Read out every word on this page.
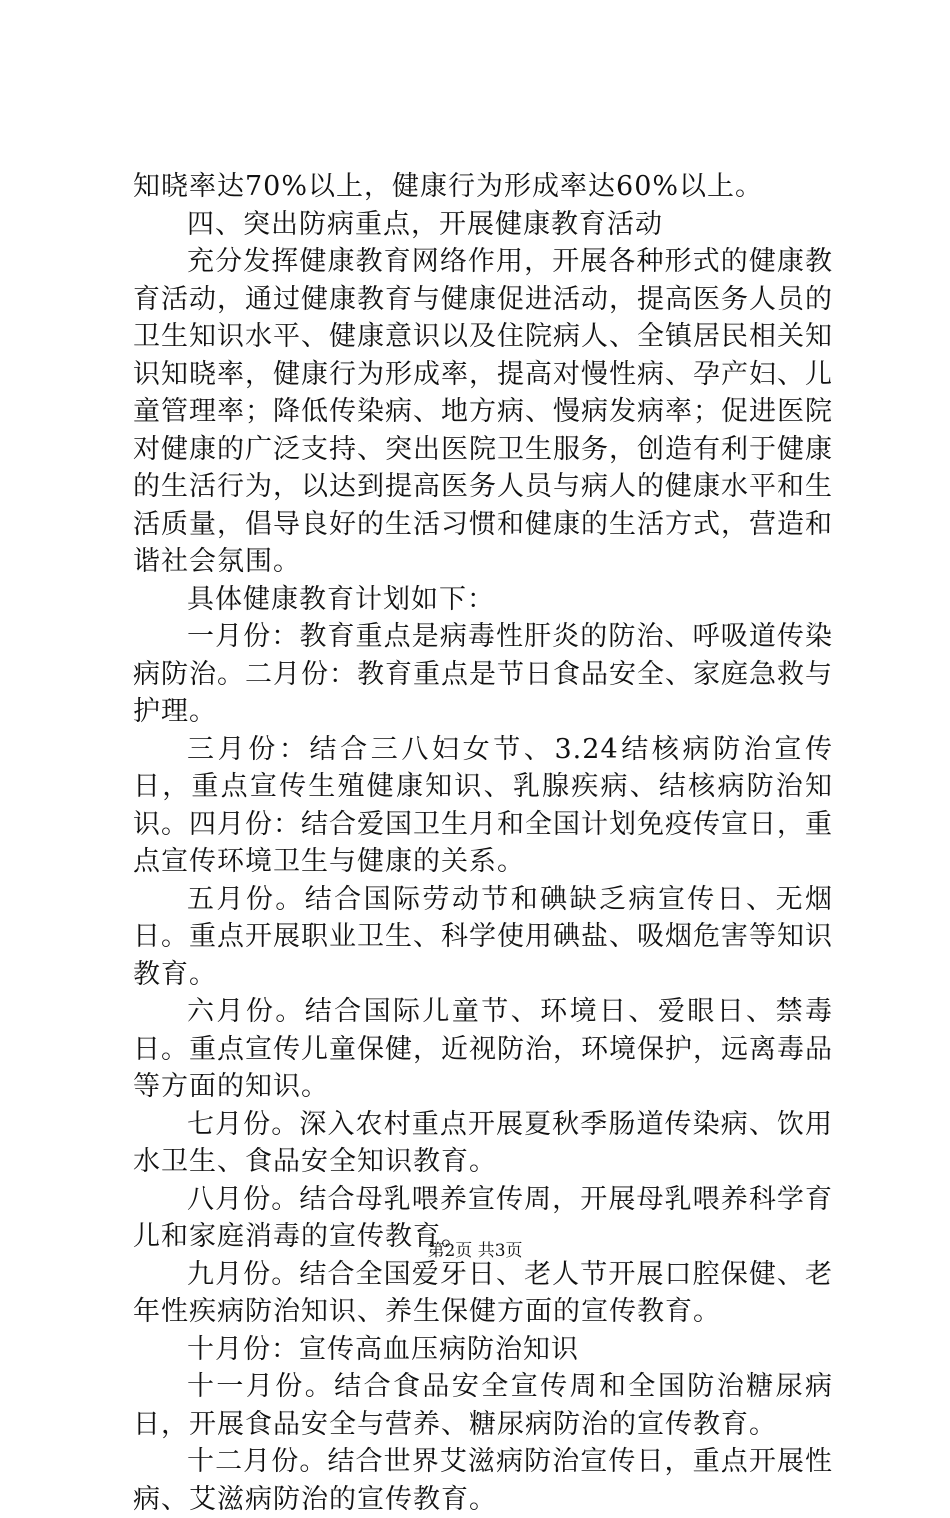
知晓率达70%以上，健康行为形成率达60%以上。

四、突出防病重点，开展健康教育活动

充分发挥健康教育网络作用，开展各种形式的健康教育活动，通过健康教育与健康促进活动，提高医务人员的卫生知识水平、健康意识以及住院病人、全镇居民相关知识知晓率，健康行为形成率，提高对慢性病、孕产妇、儿童管理率；降低传染病、地方病、慢病发病率；促进医院对健康的广泛支持、突出医院卫生服务，创造有利于健康的生活行为，以达到提高医务人员与病人的健康水平和生活质量，倡导良好的生活习惯和健康的生活方式，营造和谐社会氛围。

具体健康教育计划如下：

一月份：教育重点是病毒性肝炎的防治、呼吸道传染病防治。二月份：教育重点是节日食品安全、家庭急救与护理。

三月份：结合三八妇女节、3.24结核病防治宣传日，重点宣传生殖健康知识、乳腺疾病、结核病防治知识。四月份：结合爱国卫生月和全国计划免疫传宣日，重点宣传环境卫生与健康的关系。

五月份。结合国际劳动节和碘缺乏病宣传日、无烟日。重点开展职业卫生、科学使用碘盐、吸烟危害等知识教育。

六月份。结合国际儿童节、环境日、爱眼日、禁毒日。重点宣传儿童保健，近视防治，环境保护，远离毒品等方面的知识。

七月份。深入农村重点开展夏秋季肠道传染病、饮用水卫生、食品安全知识教育。

八月份。结合母乳喂养宣传周，开展母乳喂养科学育儿和家庭消毒的宣传教育。

九月份。结合全国爱牙日、老人节开展口腔保健、老年性疾病防治知识、养生保健方面的宣传教育。

十月份：宣传高血压病防治知识

十一月份。结合食品安全宣传周和全国防治糖尿病日，开展食品安全与营养、糖尿病防治的宣传教育。

十二月份。结合世界艾滋病防治宣传日，重点开展性病、艾滋病防治的宣传教育。

第2页 共3页
